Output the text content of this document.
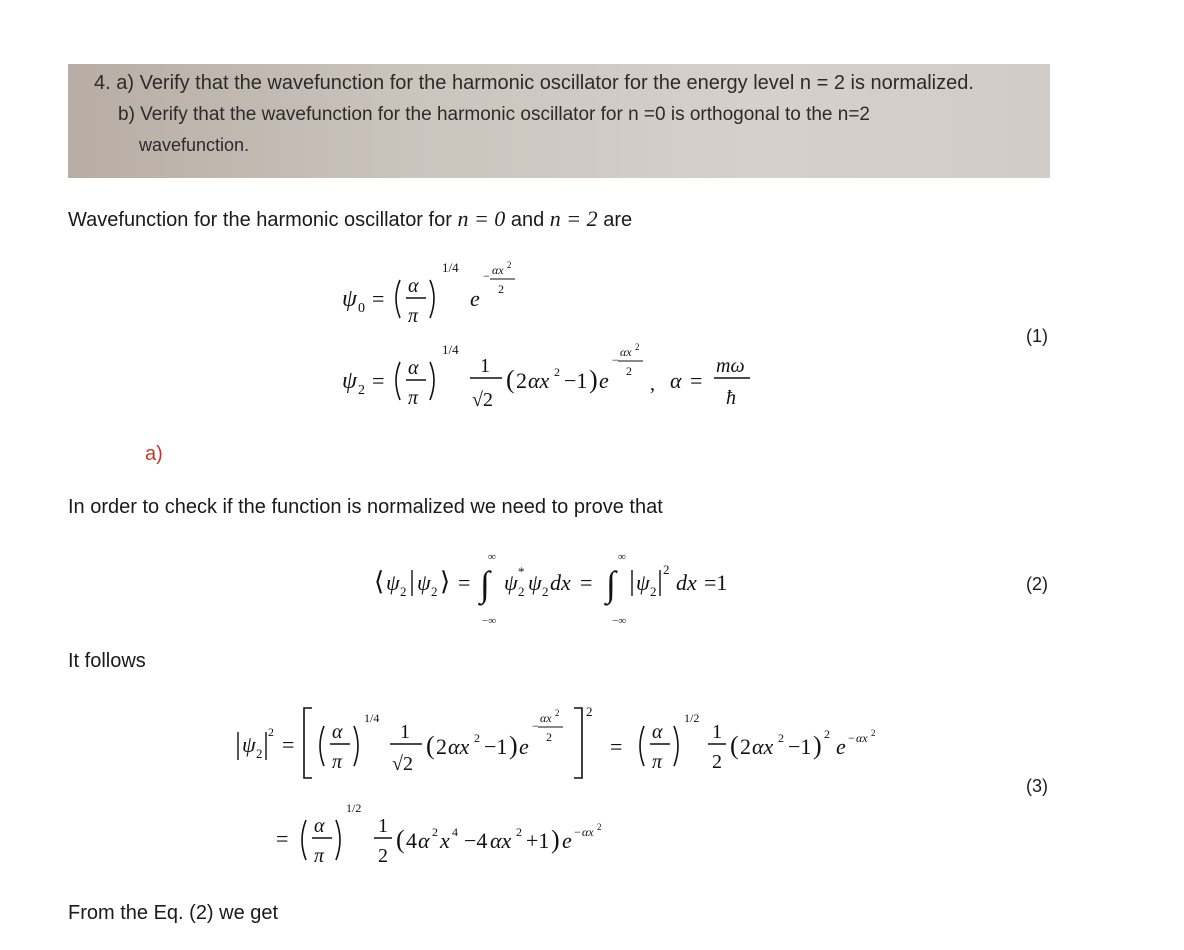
4. a) Verify that the wavefunction for the harmonic oscillator for the energy level n = 2 is normalized.
b) Verify that the wavefunction for the harmonic oscillator for n =0 is orthogonal to the n=2
wavefunction.
Wavefunction for the harmonic oscillator for n = 0 and n = 2 are
ψ 0 = α
π
1/4
e
− αx 2
2
ψ 2 = α
π
1/4
1
√2
( 2 αx 2 −1 ) e
−
αx 2
2
, α =
mω
ħ
(1)
a)
In order to check if the function is normalized we need to prove that
⟨ ψ 2 ψ 2 ⟩ = ∫
∞
−∞
ψ 2
* ψ 2 dx = ∫
∞
−∞
ψ 2
2
dx =1	(2)
It follows
ψ 2
2 = α
π
1/4
1
√2
( 2 αx 2 −1 ) e
−
αx 2
2
2
=
α
π
1/2
1
2
( 2 αx 2 −1 ) 2 e − αx 2
= α
π
1/2
1
2
( 4 α 2 x 4 −4 αx 2 +1 ) e − αx 2
(3)
From the Eq. (2) we get
